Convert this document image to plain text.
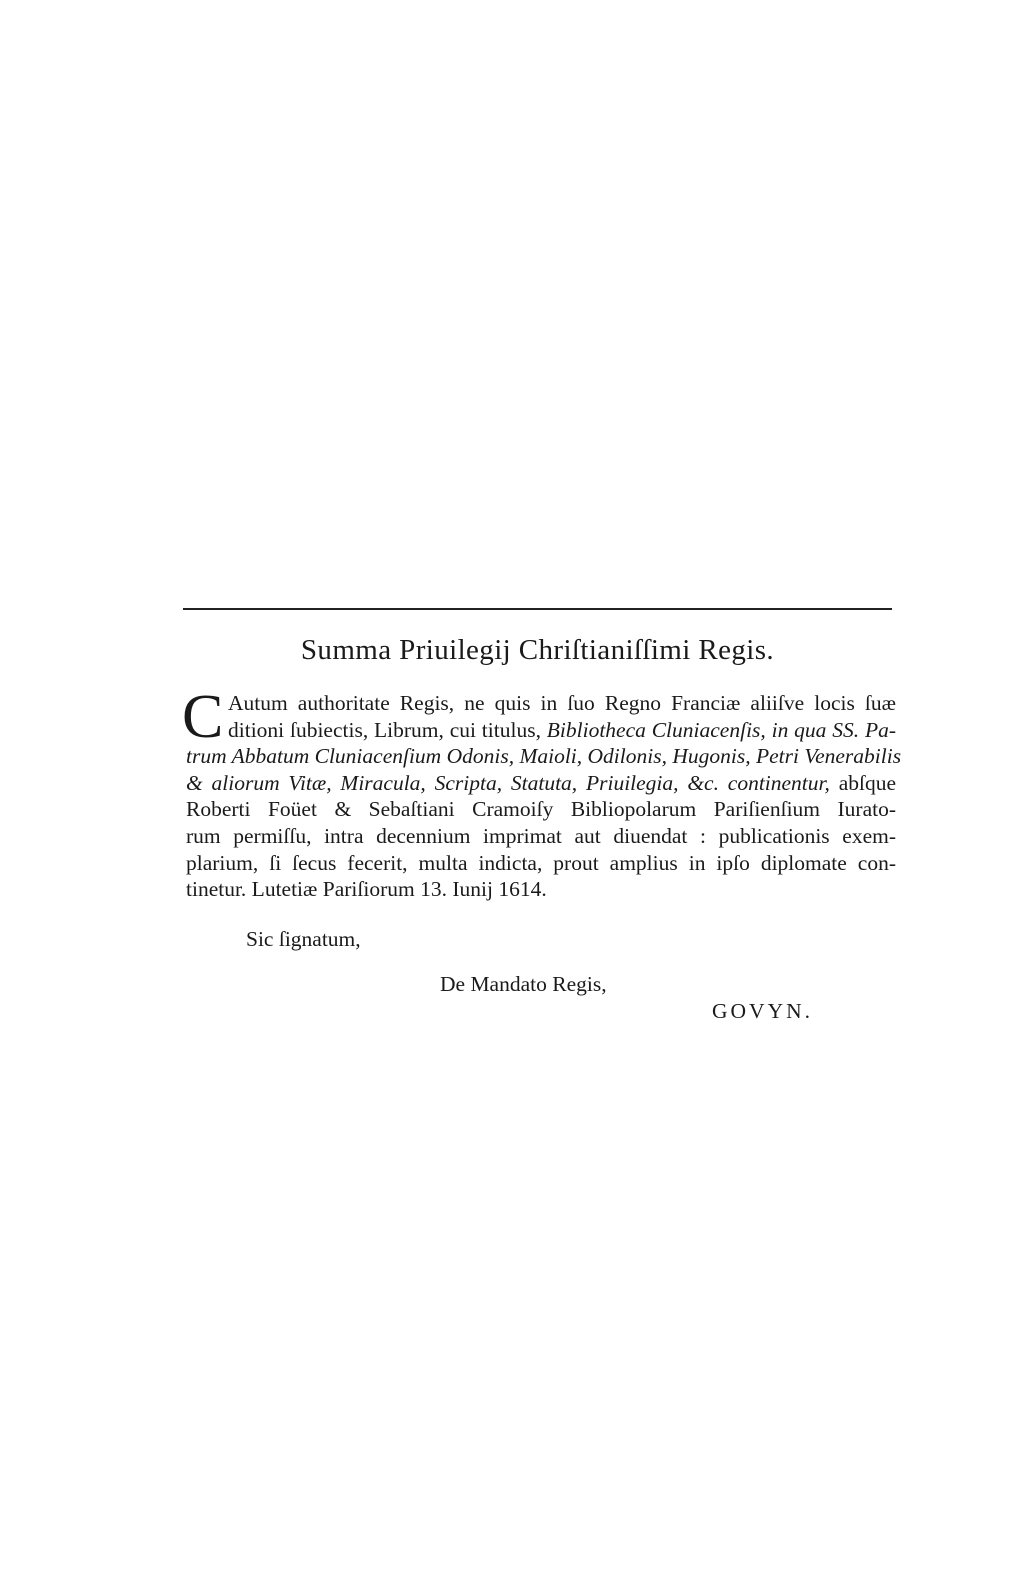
Summa Priuilegij Chriſtianiſſimi Regis.
C Autum authoritate Regis, ne quis in ſuo Regno Franciæ aliiſve locis ſuæ
ditioni ſubiectis, Librum, cui titulus, Bibliotheca Cluniacenſis, in qua SS. Pa-
trum Abbatum Cluniacenſium Odonis, Maioli, Odilonis, Hugonis, Petri Venerabilis
& aliorum Vitæ, Miracula, Scripta, Statuta, Priuilegia, &c. continentur, abſque
Roberti Foüet & Sebaſtiani Cramoiſy Bibliopolarum Pariſienſium Iurato-
rum permiſſu, intra decennium imprimat aut diuendat : publicationis exem-
plarium, ſi ſecus fecerit, multa indicta, prout amplius in ipſo diplomate con-
tinetur. Lutetiæ Pariſiorum 13. Iunij 1614.
Sic ſignatum,
De Mandato Regis,
GOVYN.
